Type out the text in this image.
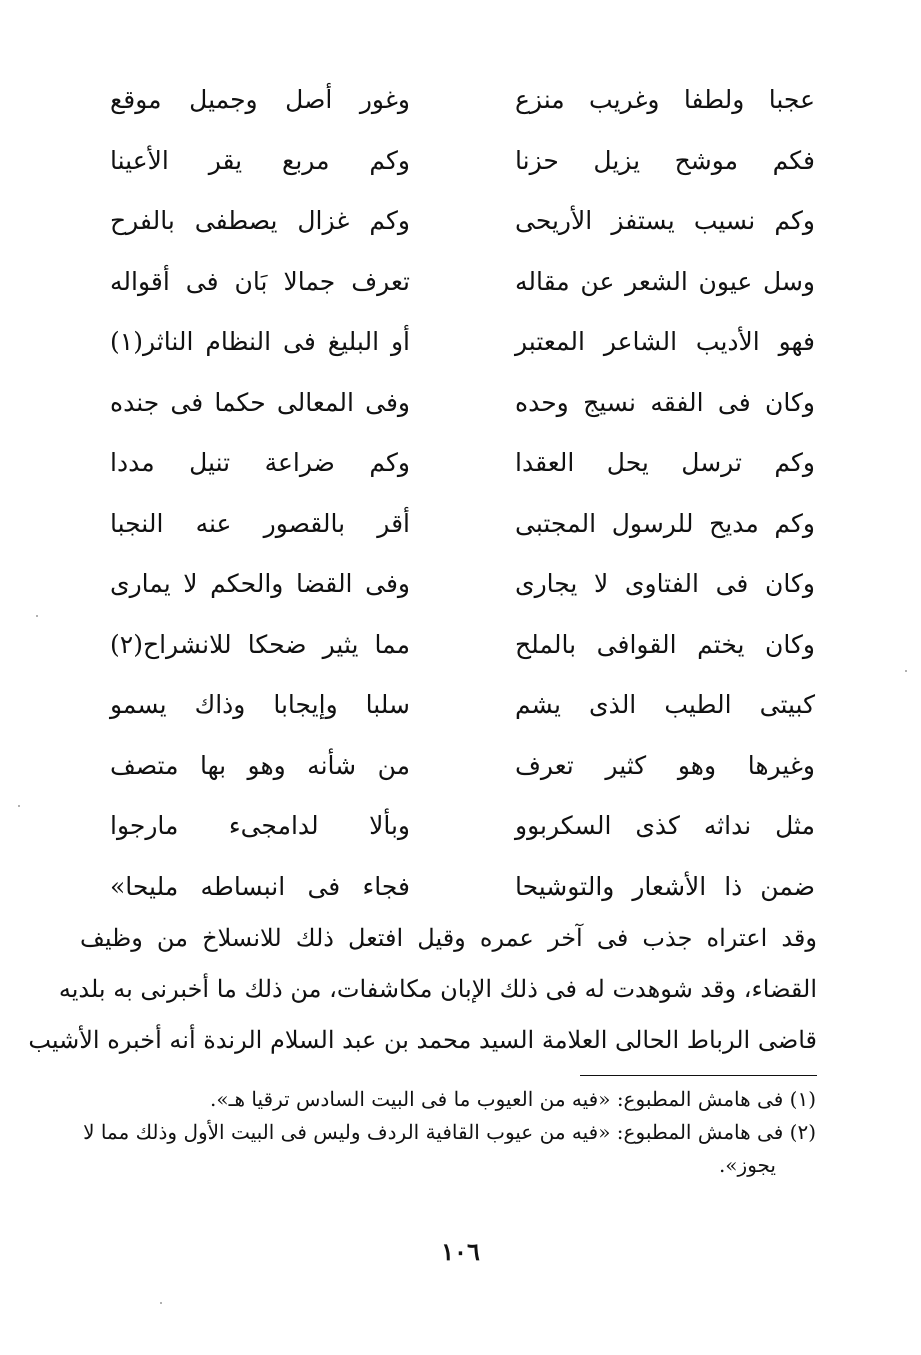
عجبا ولطفا وغريب منزع
وغور أصل وجميل موقع
فكم موشح يزيل حزنا
وكم مربع يقر الأعينا
وكم نسيب يستفز الأريحى
وكم غزال يصطفى بالفرح
وسل عيون الشعر عن مقاله
تعرف جمالا بَان فى أقواله
فهو الأديب الشاعر المعتبر
أو البليغ فى النظام الناثر(١)
وكان فى الفقه نسيج وحده
وفى المعالى حكما فى جنده
وكم ترسل يحل العقدا
وكم ضراعة تنيل مددا
وكم مديح للرسول المجتبى
أقر بالقصور عنه النجبا
وكان فى الفتاوى لا يجارى
وفى القضا والحكم لا يمارى
وكان يختم القوافى بالملح
مما يثير ضحكا للانشراح(٢)
كبيتى الطيب الذى يشم
سلبا وإيجابا وذاك يسمو
وغيرها وهو كثير تعرف
من شأنه وهو بها متصف
مثل نداثه كذى السكربوو
وبألا لدامجىء مارجوا
ضمن ذا الأشعار والتوشيحا
فجاء فى انبساطه مليحا»

وقد اعتراه جذب فى آخر عمره وقيل افتعل ذلك للانسلاخ من وظيف

القضاء، وقد شوهدت له فى ذلك الإبان مكاشفات، من ذلك ما أخبرنى به بلديه

قاضى الرباط الحالى العلامة السيد محمد بن عبد السلام الرندة أنه أخبره الأشيب

(١) فى هامش المطبوع: «فيه من العيوب ما فى البيت السادس ترقيا هـ».

(٢) فى هامش المطبوع: «فيه من عيوب القافية الردف وليس فى البيت الأول وذلك مما لا

يجوز».

١٠٦
